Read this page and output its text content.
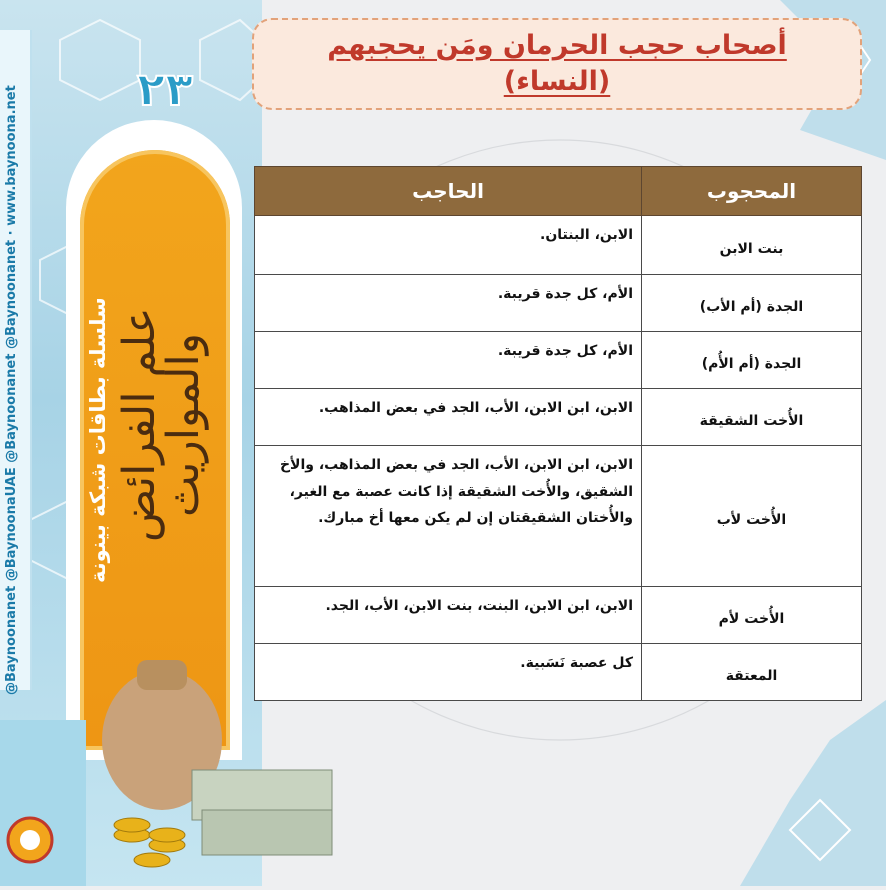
@Baynoonanet @BaynoonaUAE @Baynoonanet @Baynoonanet · www.baynoona.net	٢٣
سلسلة بطاقات شبكة بينونة علم الفرائض والمواريث
أصحاب حجب الحرمان ومَن يحجبهم
(النساء)
المحجوب	الحاجب
بنت الابن	الابن، البنتان.
الجدة (أم الأب)	الأم، كل جدة قريبة.
الجدة (أم الأُم)	الأم، كل جدة قريبة.
الأُخت الشقيقة	الابن، ابن الابن، الأب، الجد في بعض المذاهب.
الأُخت لأب	الابن، ابن الابن، الأب، الجد في بعض المذاهب، والأخ الشقيق، والأُخت الشقيقة إذا كانت عصبة مع الغير، والأُختان الشقيقتان إن لم يكن معها أخ مبارك.
الأُخت لأم	الابن، ابن الابن، البنت، بنت الابن، الأب، الجد.
المعتقة	كل عصبة نَسَبية.
